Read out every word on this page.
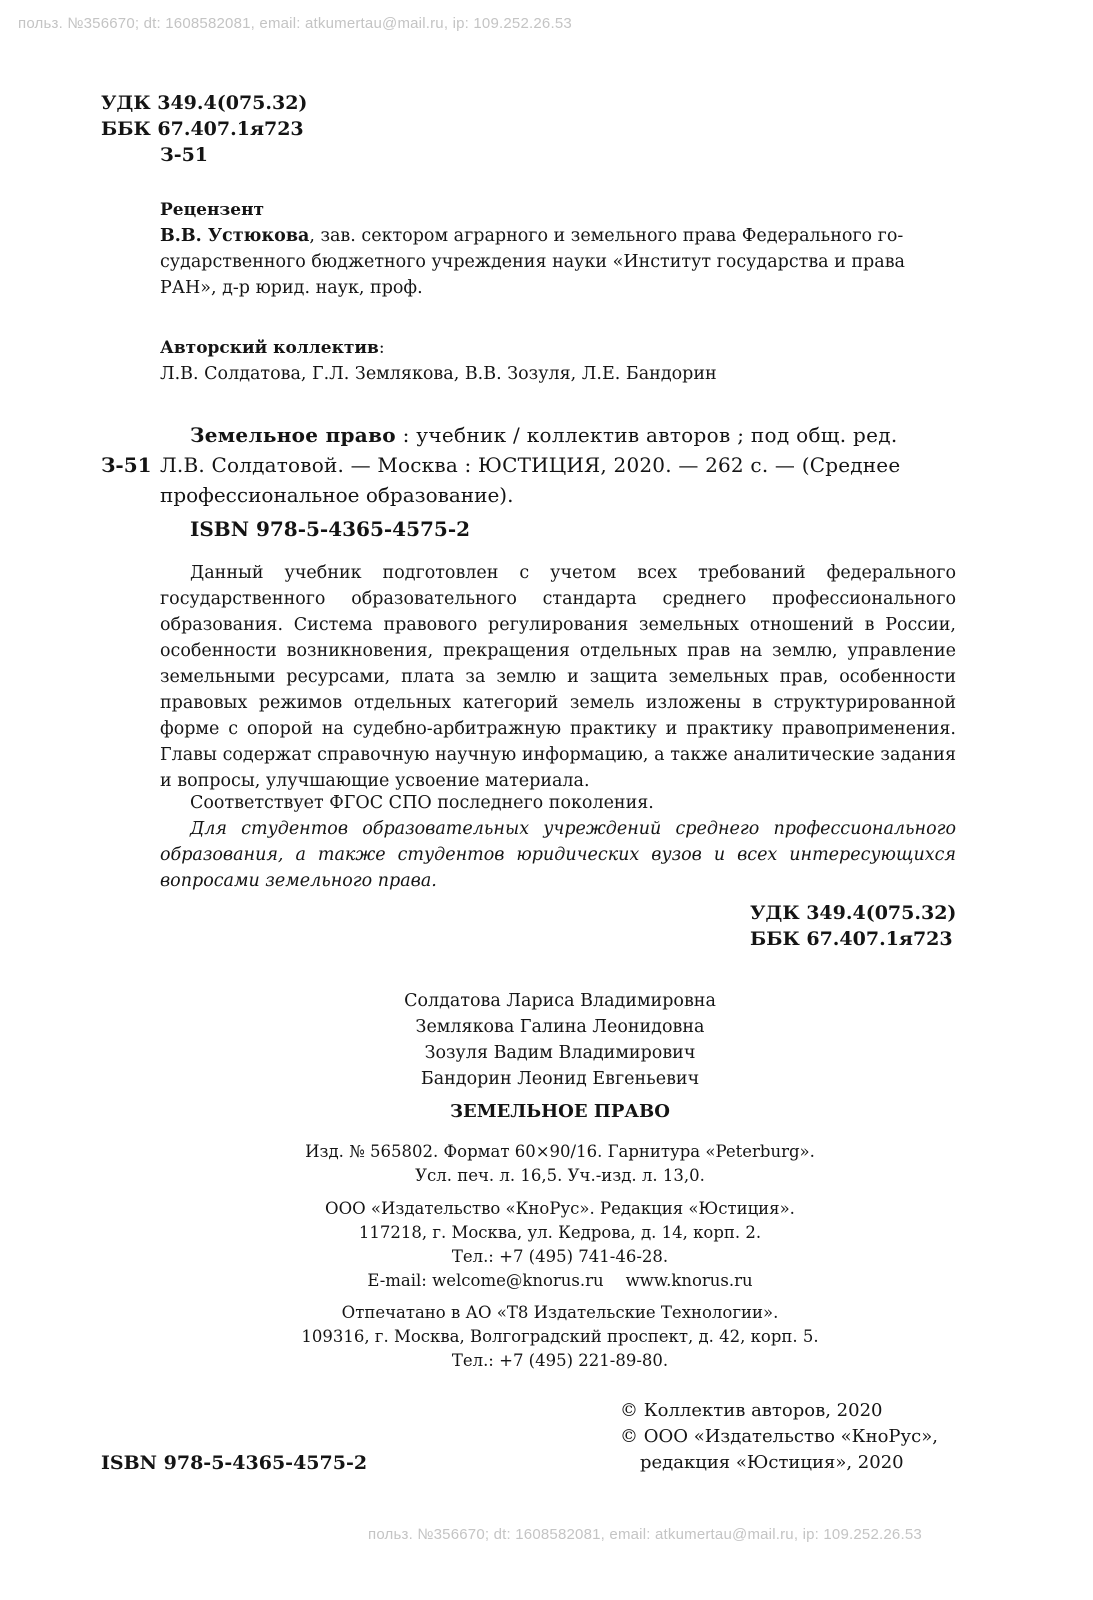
польз. №356670; dt: 1608582081, email: atkumertau@mail.ru, ip: 109.252.26.53
польз. №356670; dt: 1608582081, email: atkumertau@mail.ru, ip: 109.252.26.53
УДК 349.4(075.32)
ББК 67.407.1я723
З-51
Рецензент
В.В. Устюкова, зав. сектором аграрного и земельного права Федерального го-
сударственного бюджетного учреждения науки «Институт государства и права
РАН», д-р юрид. наук, проф.
Авторский коллектив:
Л.В. Солдатова, Г.Л. Землякова, В.В. Зозуля, Л.Е. Бандорин
Земельное право : учебник / коллектив авторов ; под общ. ред.
З-51 Л.В. Солдатовой. — Москва : ЮСТИЦИЯ, 2020. — 262 с. — (Среднее
профессиональное образование).
ISBN 978-5-4365-4575-2

Данный учебник подготовлен с учетом всех требований федерального государственного образовательного стандарта среднего профессионального образования. Система правового регулирования земельных отношений в России, особенности возникновения, прекращения отдельных прав на землю, управление земельными ресурсами, плата за землю и защита земельных прав, особенности правовых режимов отдельных категорий земель изложены в структурированной форме с опорой на судебно-арбитражную практику и практику правоприменения. Главы содержат справочную научную информацию, а также аналитические задания и вопросы, улучшающие усвоение материала.

Соответствует ФГОС СПО последнего поколения.

Для студентов образовательных учреждений среднего профессионального образования, а также студентов юридических вузов и всех интересующихся вопросами земельного права.

УДК 349.4(075.32)
ББК 67.407.1я723
Солдатова Лариса Владимировна
Землякова Галина Леонидовна
Зозуля Вадим Владимирович
Бандорин Леонид Евгеньевич
ЗЕМЕЛЬНОЕ ПРАВО
Изд. № 565802. Формат 60×90/16. Гарнитура «Peterburg».
Усл. печ. л. 16,5. Уч.-изд. л. 13,0.
ООО «Издательство «КноРус». Редакция «Юстиция».
117218, г. Москва, ул. Кедрова, д. 14, корп. 2.
Тел.: +7 (495) 741-46-28.
E-mail: welcome@knorus.ru www.knorus.ru
Отпечатано в АО «Т8 Издательские Технологии».
109316, г. Москва, Волгоградский проспект, д. 42, корп. 5.
Тел.: +7 (495) 221-89-80.
© Коллектив авторов, 2020
© ООО «Издательство «КноРус»,
редакция «Юстиция», 2020
ISBN 978-5-4365-4575-2
